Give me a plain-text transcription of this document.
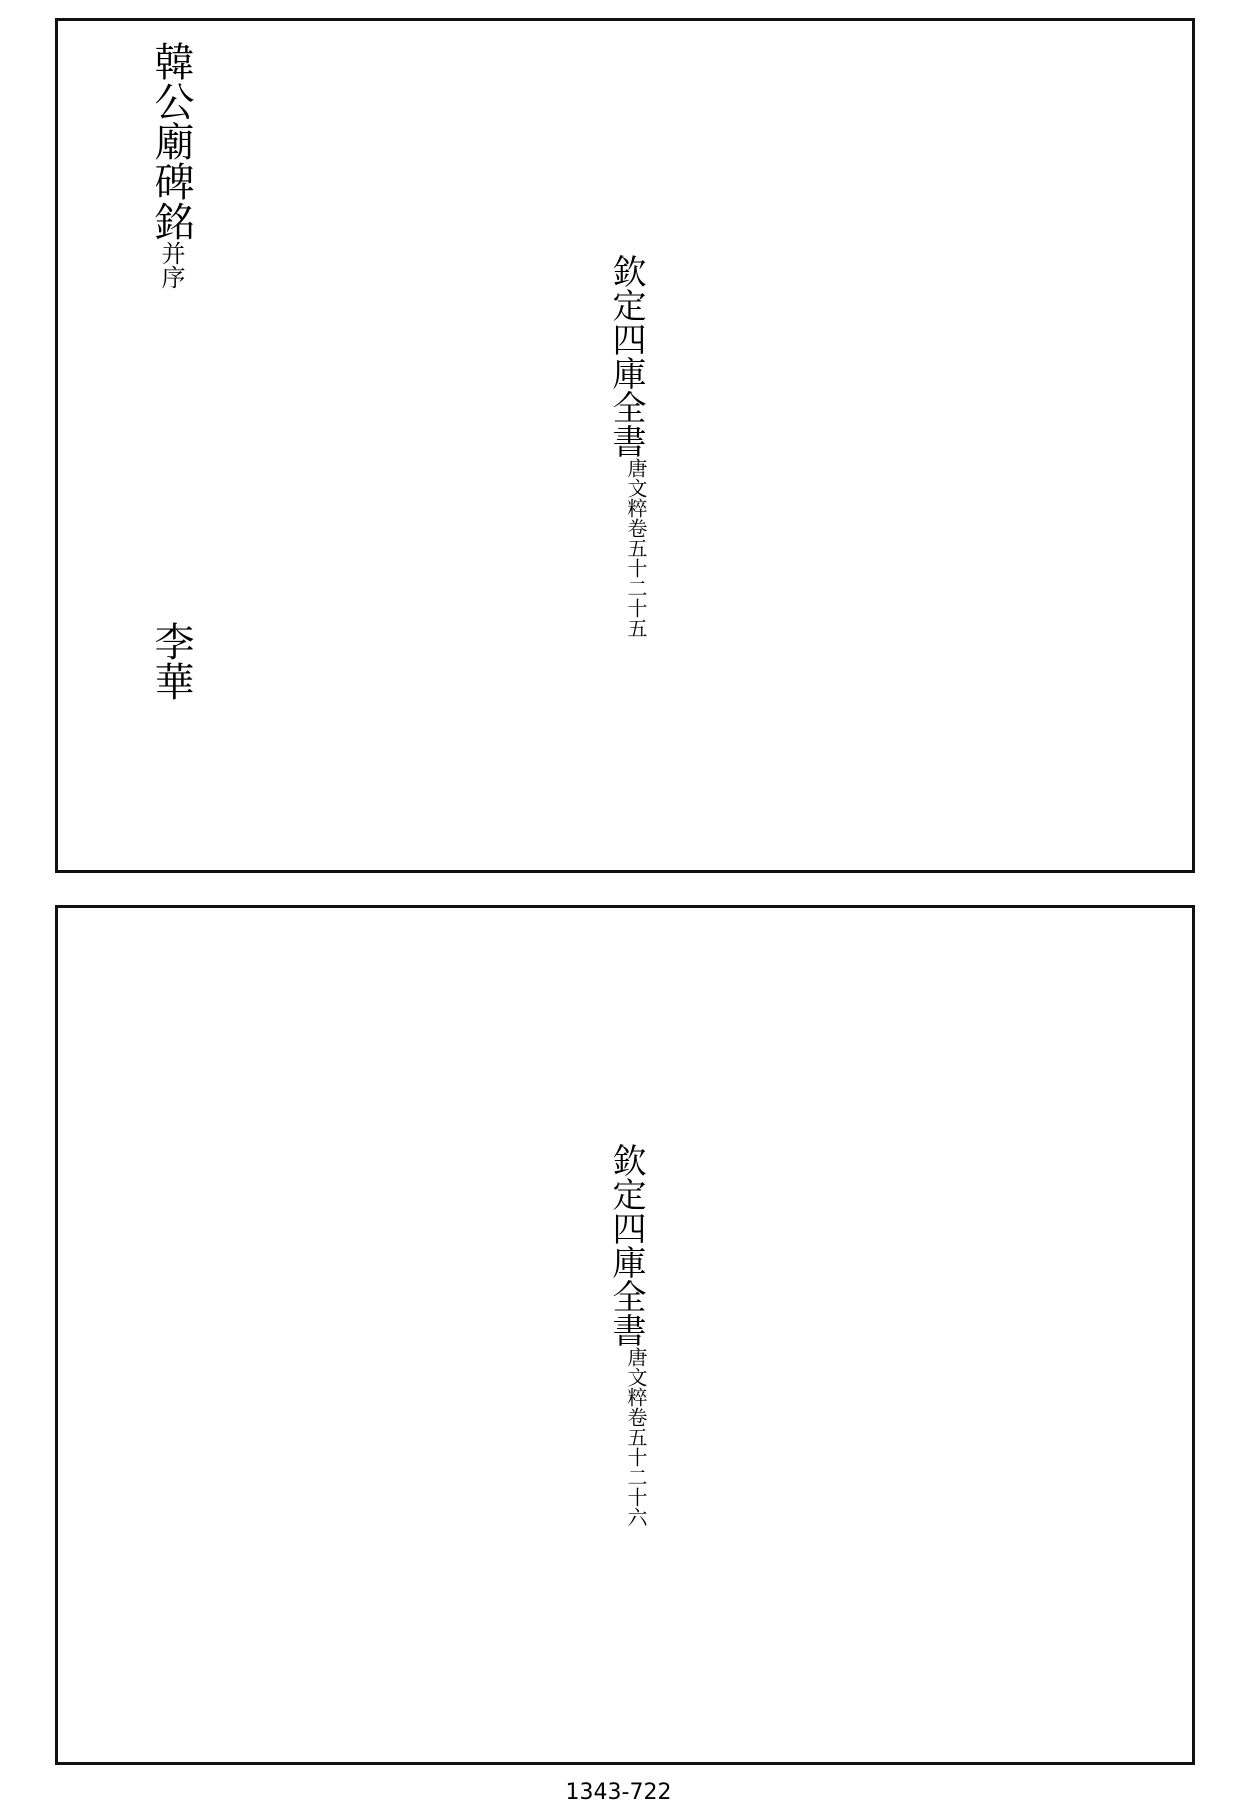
欽定四庫全書
唐文粹
卷五十二
十五
韓公廟碑銘并序
李華
欽定四庫全書
唐文粹
卷五十二
十六
1343-722
